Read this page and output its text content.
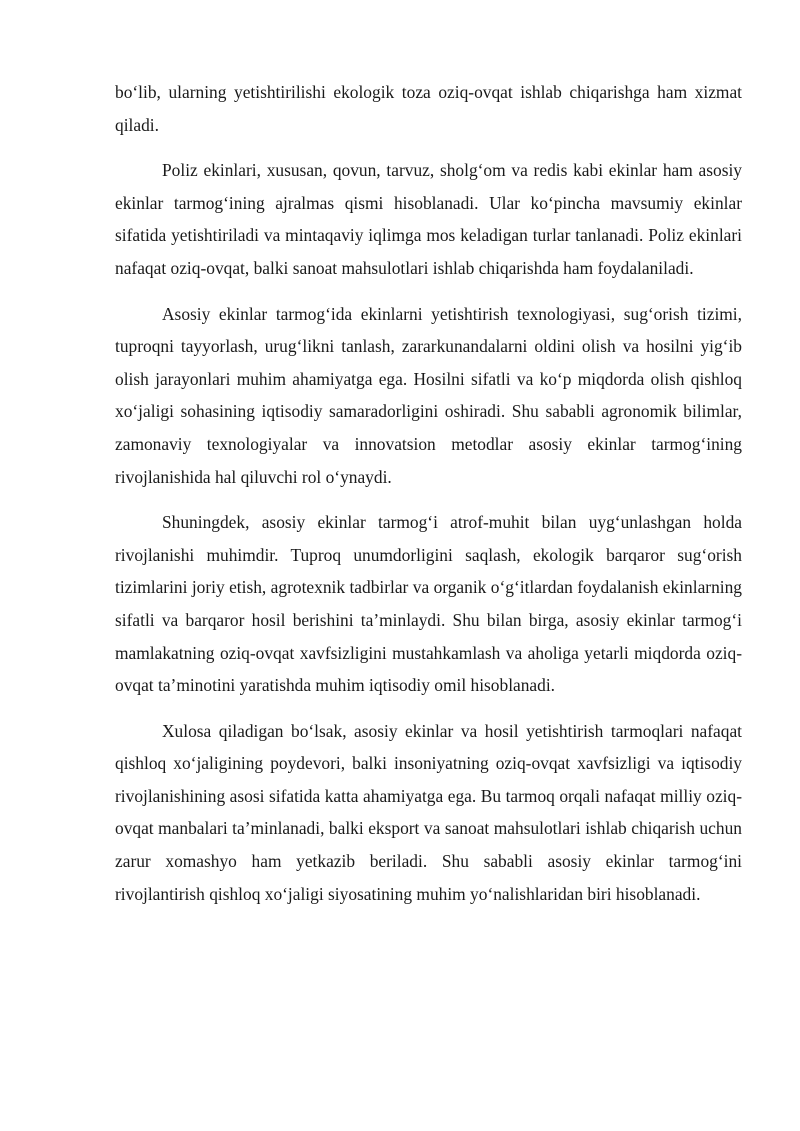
bo‘lib, ularning yetishtirilishi ekologik toza oziq-ovqat ishlab chiqarishga ham xizmat qiladi.

Poliz ekinlari, xususan, qovun, tarvuz, sholg‘om va redis kabi ekinlar ham asosiy ekinlar tarmog‘ining ajralmas qismi hisoblanadi. Ular ko‘pincha mavsumiy ekinlar sifatida yetishtiriladi va mintaqaviy iqlimga mos keladigan turlar tanlanadi. Poliz ekinlari nafaqat oziq-ovqat, balki sanoat mahsulotlari ishlab chiqarishda ham foydalaniladi.

Asosiy ekinlar tarmog‘ida ekinlarni yetishtirish texnologiyasi, sug‘orish tizimi, tuproqni tayyorlash, urug‘likni tanlash, zararkunandalarni oldini olish va hosilni yig‘ib olish jarayonlari muhim ahamiyatga ega. Hosilni sifatli va ko‘p miqdorda olish qishloq xo‘jaligi sohasining iqtisodiy samaradorligini oshiradi. Shu sababli agronomik bilimlar, zamonaviy texnologiyalar va innovatsion metodlar asosiy ekinlar tarmog‘ining rivojlanishida hal qiluvchi rol o‘ynaydi.

Shuningdek, asosiy ekinlar tarmog‘i atrof-muhit bilan uyg‘unlashgan holda rivojlanishi muhimdir. Tuproq unumdorligini saqlash, ekologik barqaror sug‘orish tizimlarini joriy etish, agrotexnik tadbirlar va organik o‘g‘itlardan foydalanish ekinlarning sifatli va barqaror hosil berishini ta’minlaydi. Shu bilan birga, asosiy ekinlar tarmog‘i mamlakatning oziq-ovqat xavfsizligini mustahkamlash va aholiga yetarli miqdorda oziq-ovqat ta’minotini yaratishda muhim iqtisodiy omil hisoblanadi.

Xulosa qiladigan bo‘lsak, asosiy ekinlar va hosil yetishtirish tarmoqlari nafaqat qishloq xo‘jaligining poydevori, balki insoniyatning oziq-ovqat xavfsizligi va iqtisodiy rivojlanishining asosi sifatida katta ahamiyatga ega. Bu tarmoq orqali nafaqat milliy oziq-ovqat manbalari ta’minlanadi, balki eksport va sanoat mahsulotlari ishlab chiqarish uchun zarur xomashyo ham yetkazib beriladi. Shu sababli asosiy ekinlar tarmog‘ini rivojlantirish qishloq xo‘jaligi siyosatining muhim yo‘nalishlaridan biri hisoblanadi.
